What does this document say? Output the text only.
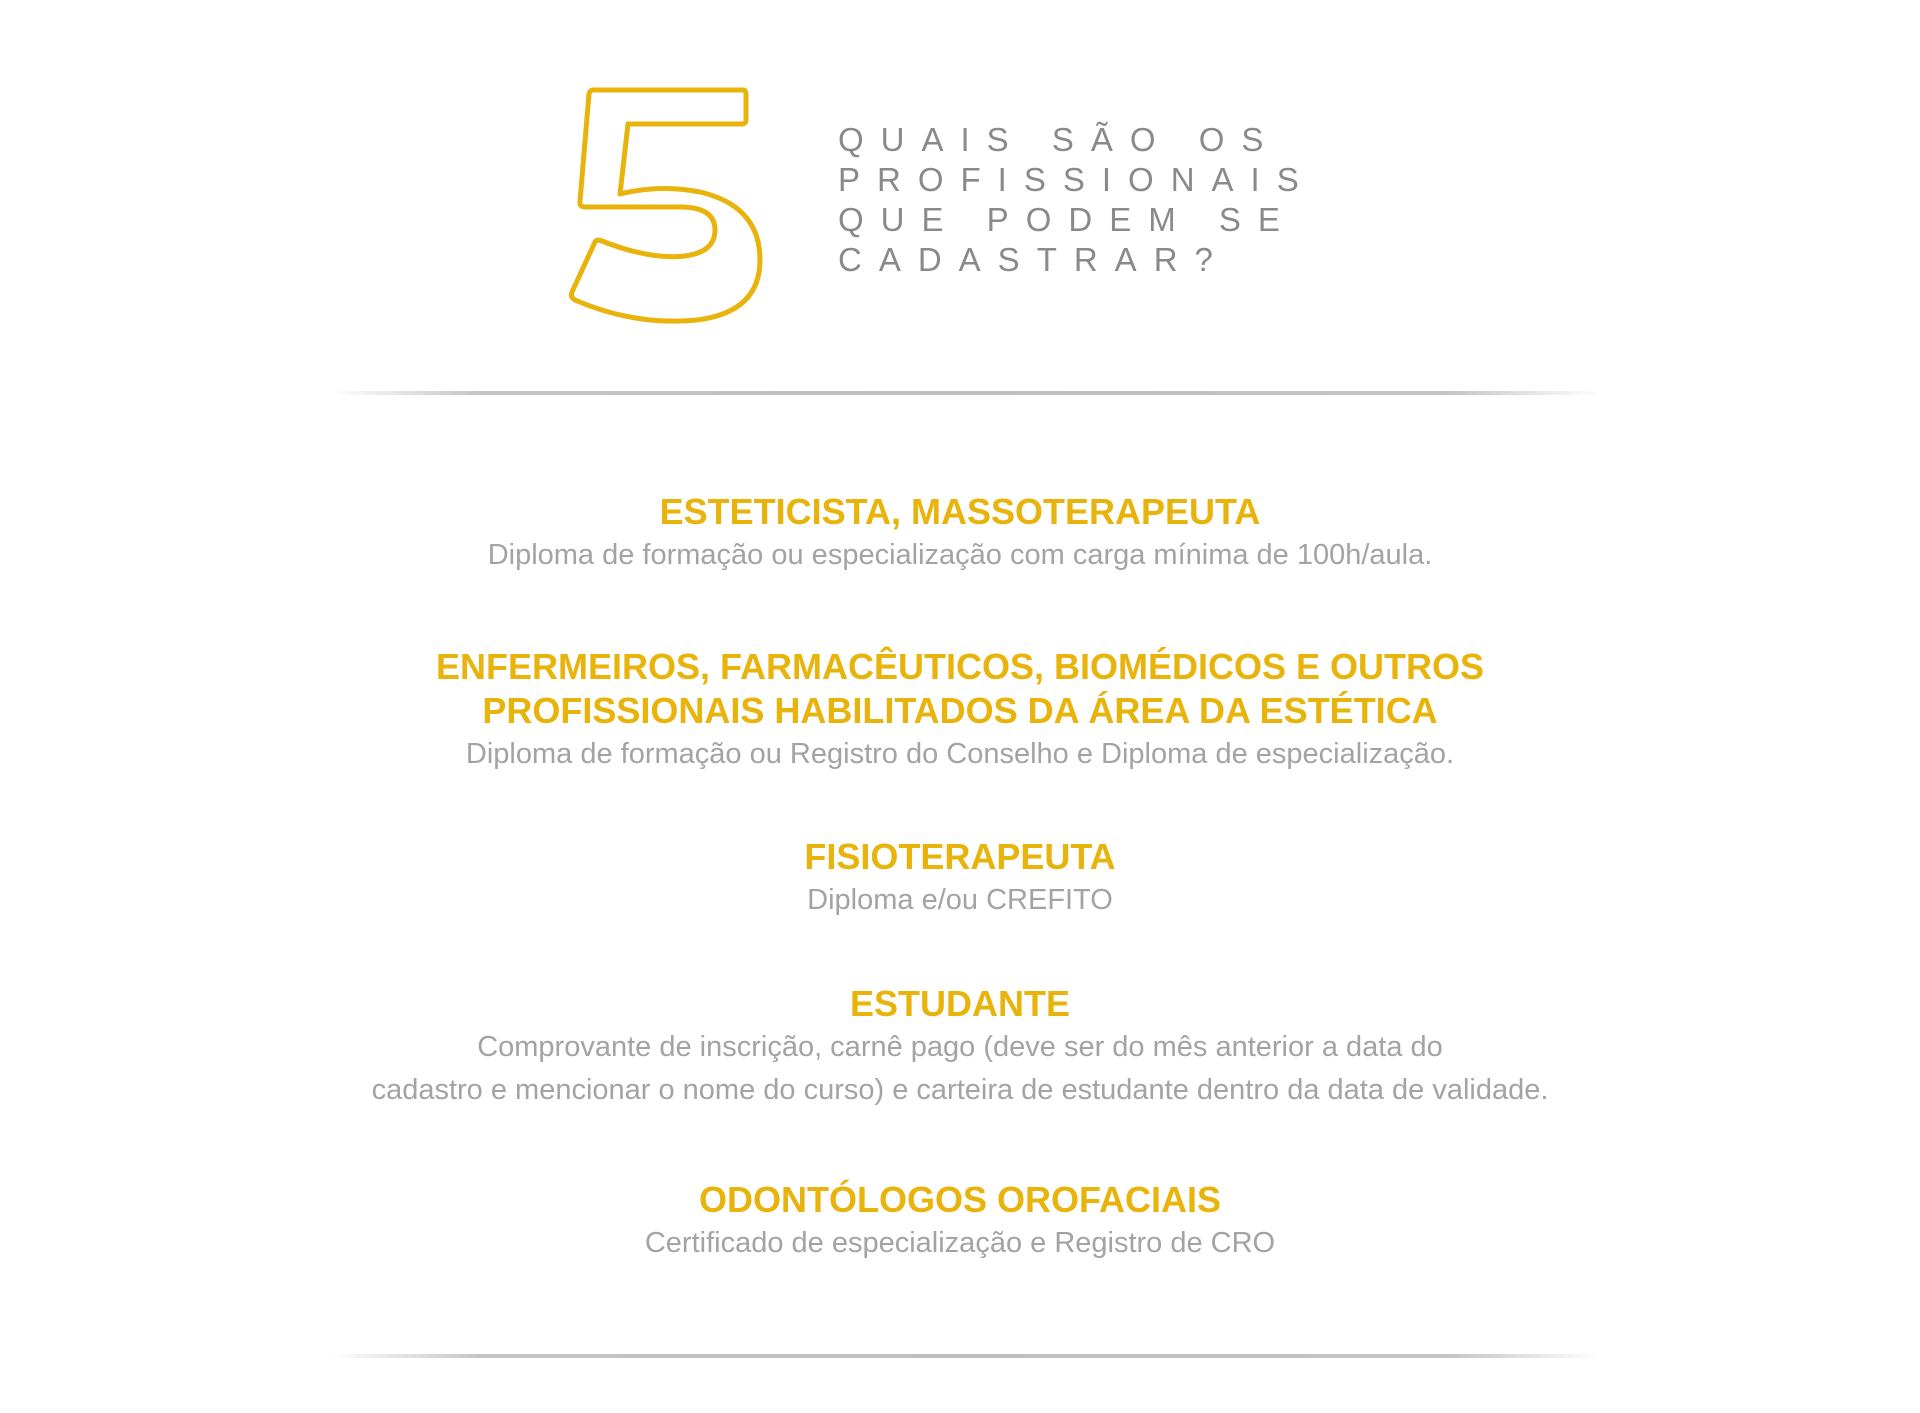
QUAIS SÃO OS
PROFISSIONAIS
QUE PODEM SE
CADASTRAR?
ESTETICISTA, MASSOTERAPEUTA

Diploma de formação ou especialização com carga mínima de 100h/aula.

ENFERMEIROS, FARMACÊUTICOS, BIOMÉDICOS E OUTROS
PROFISSIONAIS HABILITADOS DA ÁREA DA ESTÉTICA

Diploma de formação ou Registro do Conselho e Diploma de especialização.

FISIOTERAPEUTA

Diploma e/ou CREFITO

ESTUDANTE

Comprovante de inscrição, carnê pago (deve ser do mês anterior a data do
cadastro e mencionar o nome do curso) e carteira de estudante dentro da data de validade.

ODONTÓLOGOS OROFACIAIS

Certificado de especialização e Registro de CRO
